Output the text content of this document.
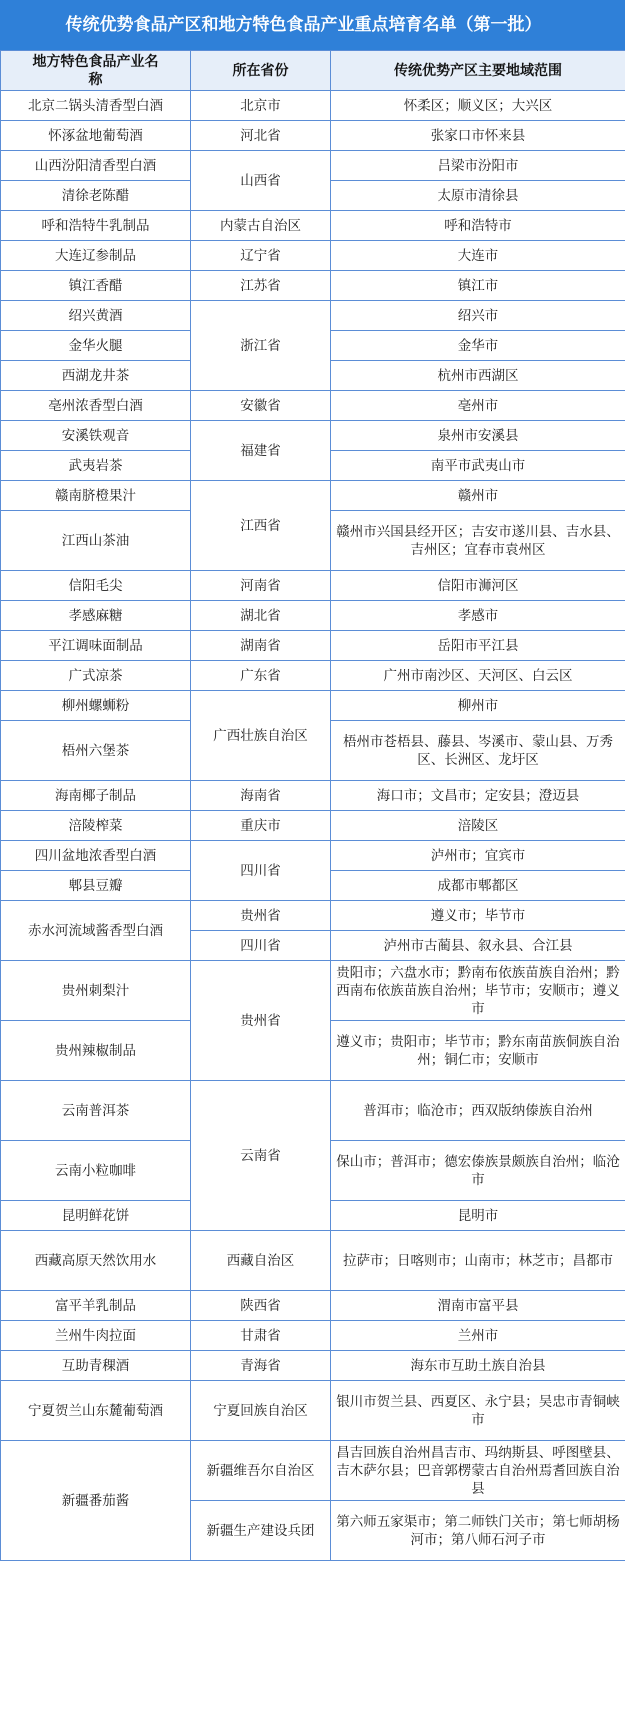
传统优势食品产区和地方特色食品产业重点培育名单（第一批）
地方特色食品产业名称	所在省份	传统优势产区主要地域范围
北京二锅头清香型白酒	北京市	怀柔区；顺义区；大兴区
怀涿盆地葡萄酒	河北省	张家口市怀来县
山西汾阳清香型白酒	山西省	吕梁市汾阳市
清徐老陈醋		太原市清徐县
呼和浩特牛乳制品	内蒙古自治区	呼和浩特市
大连辽参制品	辽宁省	大连市
镇江香醋	江苏省	镇江市
绍兴黄酒	浙江省	绍兴市
金华火腿		金华市
西湖龙井茶		杭州市西湖区
亳州浓香型白酒	安徽省	亳州市
安溪铁观音	福建省	泉州市安溪县
武夷岩茶		南平市武夷山市
赣南脐橙果汁	江西省	赣州市
江西山茶油		赣州市兴国县经开区；吉安市遂川县、吉水县、吉州区；宜春市袁州区
信阳毛尖	河南省	信阳市浉河区
孝感麻糖	湖北省	孝感市
平江调味面制品	湖南省	岳阳市平江县
广式凉茶	广东省	广州市南沙区、天河区、白云区
柳州螺蛳粉	广西壮族自治区	柳州市
梧州六堡茶		梧州市苍梧县、藤县、岑溪市、蒙山县、万秀区、长洲区、龙圩区
海南椰子制品	海南省	海口市；文昌市；定安县；澄迈县
涪陵榨菜	重庆市	涪陵区
四川盆地浓香型白酒	四川省	泸州市；宜宾市
郫县豆瓣		成都市郫都区
赤水河流域酱香型白酒	贵州省	遵义市；毕节市
	四川省	泸州市古蔺县、叙永县、合江县
贵州刺梨汁	贵州省	贵阳市；六盘水市；黔南布依族苗族自治州；黔西南布依族苗族自治州；毕节市；安顺市；遵义市
贵州辣椒制品		遵义市；贵阳市；毕节市；黔东南苗族侗族自治州；铜仁市；安顺市
云南普洱茶	云南省	普洱市；临沧市；西双版纳傣族自治州
云南小粒咖啡		保山市；普洱市；德宏傣族景颇族自治州；临沧市
昆明鲜花饼		昆明市
西藏高原天然饮用水	西藏自治区	拉萨市；日喀则市；山南市；林芝市；昌都市
富平羊乳制品	陕西省	渭南市富平县
兰州牛肉拉面	甘肃省	兰州市
互助青稞酒	青海省	海东市互助土族自治县
宁夏贺兰山东麓葡萄酒	宁夏回族自治区	银川市贺兰县、西夏区、永宁县；吴忠市青铜峡市
新疆番茄酱	新疆维吾尔自治区	昌吉回族自治州昌吉市、玛纳斯县、呼图壁县、吉木萨尔县；巴音郭楞蒙古自治州焉耆回族自治县
	新疆生产建设兵团	第六师五家渠市；第二师铁门关市；第七师胡杨河市；第八师石河子市
